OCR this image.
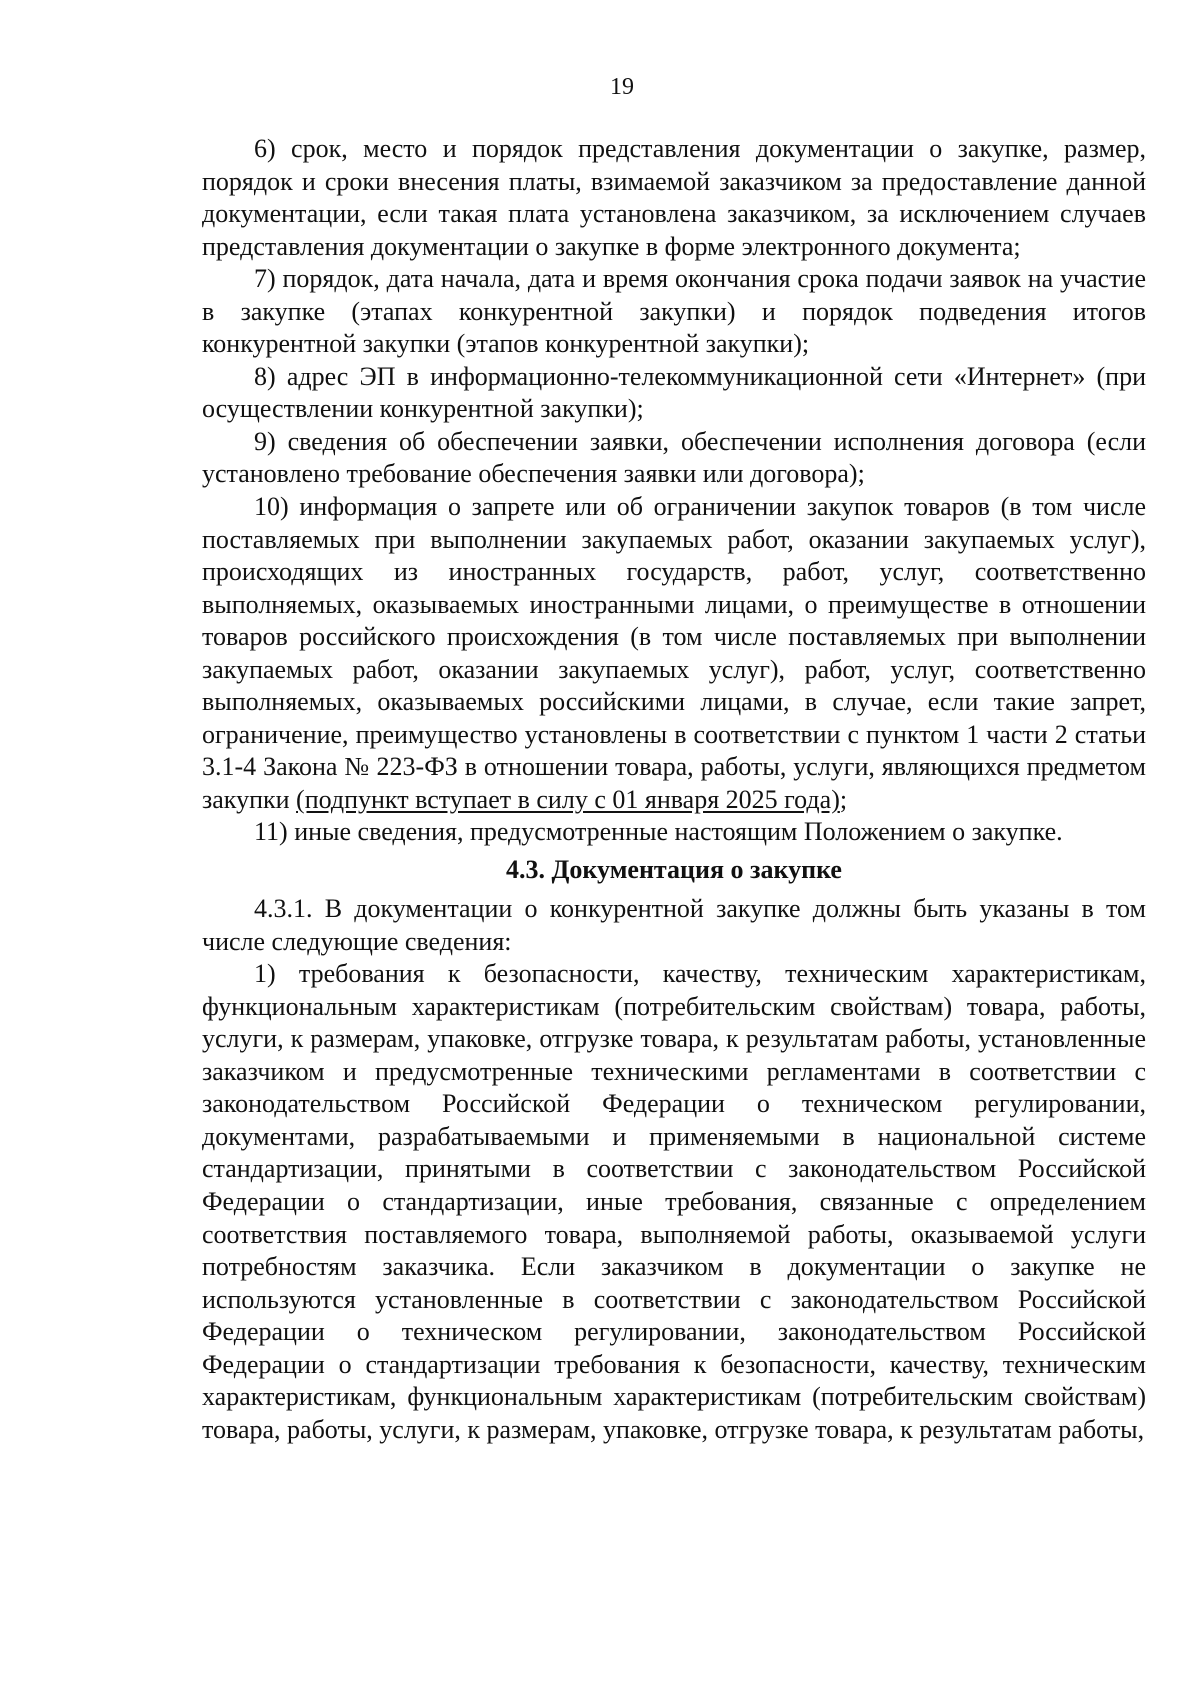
19

6) срок, место и порядок представления документации о закупке, размер, порядок и сроки внесения платы, взимаемой заказчиком за предоставление данной документации, если такая плата установлена заказчиком, за исключением случаев представления документации о закупке в форме электронного документа;

7) порядок, дата начала, дата и время окончания срока подачи заявок на участие в закупке (этапах конкурентной закупки) и порядок подведения итогов конкурентной закупки (этапов конкурентной закупки);

8) адрес ЭП в информационно-телекоммуникационной сети «Интернет» (при осуществлении конкурентной закупки);

9) сведения об обеспечении заявки, обеспечении исполнения договора (если установлено требование обеспечения заявки или договора);

10) информация о запрете или об ограничении закупок товаров (в том числе поставляемых при выполнении закупаемых работ, оказании закупаемых услуг), происходящих из иностранных государств, работ, услуг, соответственно выполняемых, оказываемых иностранными лицами, о преимуществе в отношении товаров российского происхождения (в том числе поставляемых при выполнении закупаемых работ, оказании закупаемых услуг), работ, услуг, соответственно выполняемых, оказываемых российскими лицами, в случае, если такие запрет, ограничение, преимущество установлены в соответствии с пунктом 1 части 2 статьи 3.1-4 Закона № 223-ФЗ в отношении товара, работы, услуги, являющихся предметом закупки (подпункт вступает в силу с 01 января 2025 года);

11) иные сведения, предусмотренные настоящим Положением о закупке.

4.3. Документация о закупке

4.3.1. В документации о конкурентной закупке должны быть указаны в том числе следующие сведения:

1) требования к безопасности, качеству, техническим характеристикам, функциональным характеристикам (потребительским свойствам) товара, работы, услуги, к размерам, упаковке, отгрузке товара, к результатам работы, установленные заказчиком и предусмотренные техническими регламентами в соответствии с законодательством Российской Федерации о техническом регулировании, документами, разрабатываемыми и применяемыми в национальной системе стандартизации, принятыми в соответствии с законодательством Российской Федерации о стандартизации, иные требования, связанные с определением соответствия поставляемого товара, выполняемой работы, оказываемой услуги потребностям заказчика. Если заказчиком в документации о закупке не используются установленные в соответствии с законодательством Российской Федерации о техническом регулировании, законодательством Российской Федерации о стандартизации требования к безопасности, качеству, техническим характеристикам, функциональным характеристикам (потребительским свойствам) товара, работы, услуги, к размерам, упаковке, отгрузке товара, к результатам работы,
